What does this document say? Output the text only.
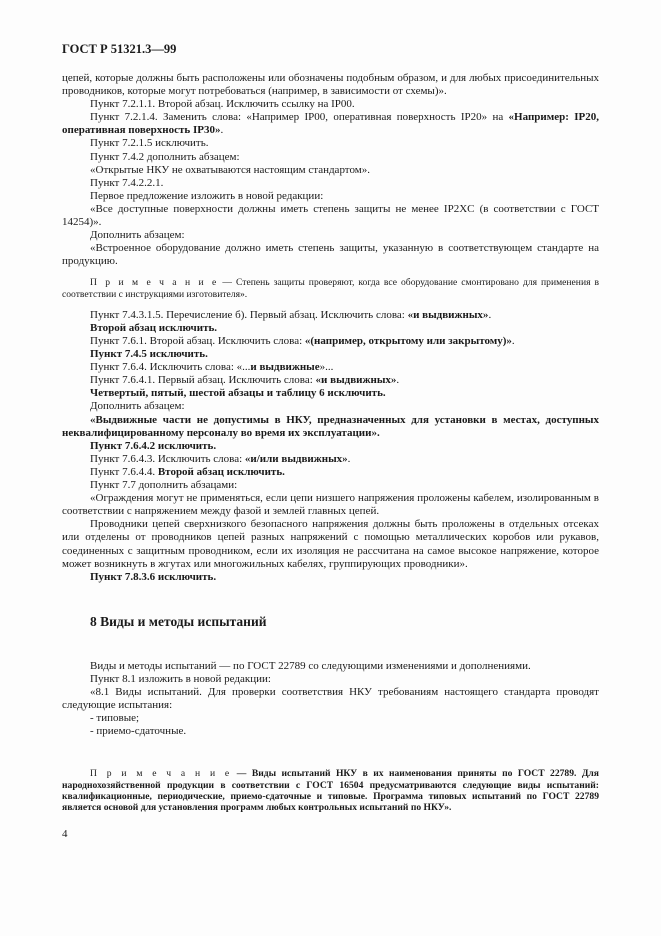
ГОСТ Р 51321.3—99

цепей, которые должны быть расположены или обозначены подобным образом, и для любых присоединительных проводников, которые могут потребоваться (например, в зависимости от схемы)».

Пункт 7.2.1.1. Второй абзац. Исключить ссылку на IP00.

Пункт 7.2.1.4. Заменить слова: «Например IP00, оперативная поверхность IP20» на «Например: IP20, оперативная поверхность IP30».

Пункт 7.2.1.5 исключить.

Пункт 7.4.2 дополнить абзацем:

«Открытые НКУ не охватываются настоящим стандартом».

Пункт 7.4.2.2.1.

Первое предложение изложить в новой редакции:

«Все доступные поверхности должны иметь степень защиты не менее IP2XC (в соответствии с ГОСТ 14254)».

Дополнить абзацем:

«Встроенное оборудование должно иметь степень защиты, указанную в соответствующем стандарте на продукцию.

П р и м е ч а н и е — Степень защиты проверяют, когда все оборудование смонтировано для применения в соответствии с инструкциями изготовителя».

Пункт 7.4.3.1.5. Перечисление б). Первый абзац. Исключить слова: «и выдвижных».

Второй абзац исключить.

Пункт 7.6.1. Второй абзац. Исключить слова: «(например, открытому или закрытому)».

Пункт 7.4.5 исключить.

Пункт 7.6.4. Исключить слова: «...и выдвижные»...

Пункт 7.6.4.1. Первый абзац. Исключить слова: «и выдвижных».

Четвертый, пятый, шестой абзацы и таблицу 6 исключить.

Дополнить абзацем:

«Выдвижные части не допустимы в НКУ, предназначенных для установки в местах, доступных неквалифицированному персоналу во время их эксплуатации».

Пункт 7.6.4.2 исключить.

Пункт 7.6.4.3. Исключить слова: «и/или выдвижных».

Пункт 7.6.4.4. Второй абзац исключить.

Пункт 7.7 дополнить абзацами:

«Ограждения могут не применяться, если цепи низшего напряжения проложены кабелем, изолированным в соответствии с напряжением между фазой и землей главных цепей.

Проводники цепей сверхнизкого безопасного напряжения должны быть проложены в отдельных отсеках или отделены от проводников цепей разных напряжений с помощью металлических коробов или рукавов, соединенных с защитным проводником, если их изоляция не рассчитана на самое высокое напряжение, которое может возникнуть в жгутах или многожильных кабелях, группирующих проводники».

Пункт 7.8.3.6 исключить.

8 Виды и методы испытаний

Виды и методы испытаний — по ГОСТ 22789 со следующими изменениями и дополнениями.

Пункт 8.1 изложить в новой редакции:

«8.1 Виды испытаний. Для проверки соответствия НКУ требованиям настоящего стандарта проводят следующие испытания:

- типовые;

- приемо-сдаточные.

П р и м е ч а н и е — Виды испытаний НКУ в их наименования приняты по ГОСТ 22789. Для народнохозяйственной продукции в соответствии с ГОСТ 16504 предусматриваются следующие виды испытаний: квалификационные, периодические, приемо-сдаточные и типовые. Программа типовых испытаний по ГОСТ 22789 является основой для установления программ любых контрольных испытаний по НКУ».

4
